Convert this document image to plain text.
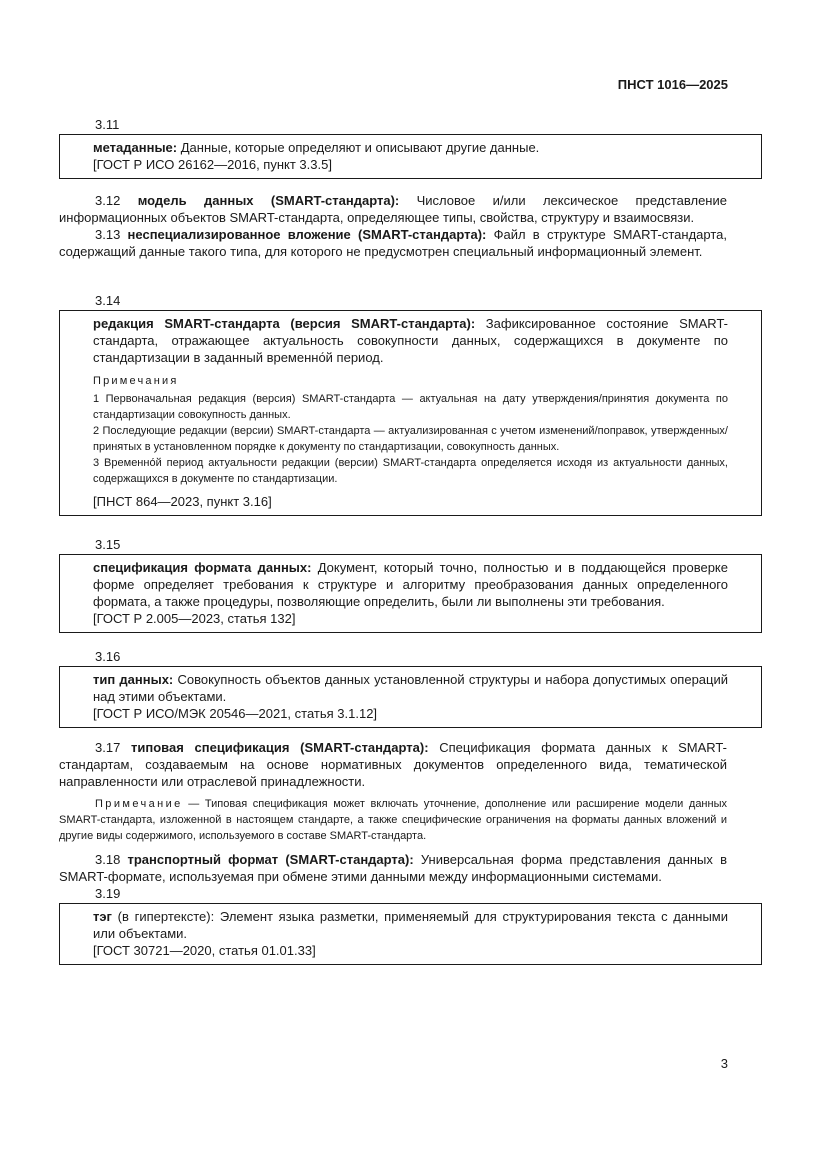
ПНСТ 1016—2025
3.11

метаданные: Данные, которые определяют и описывают другие данные.

[ГОСТ Р ИСО 26162—2016, пункт 3.3.5]

3.12 модель данных (SMART-стандарта): Числовое и/или лексическое представление информационных объектов SMART-стандарта, определяющее типы, свойства, структуру и взаимосвязи.
3.13 неспециализированное вложение (SMART-стандарта): Файл в структуре SMART-стандарта, содержащий данные такого типа, для которого не предусмотрен специальный информационный элемент.
3.14

редакция SMART-стандарта (версия SMART-стандарта): Зафиксированное состояние SMART-стандарта, отражающее актуальность совокупности данных, содержащихся в документе по стандартизации в заданный временно́й период.

Примечания

1 Первоначальная редакция (версия) SMART-стандарта — актуальная на дату утверждения/принятия документа по стандартизации совокупность данных.

2 Последующие редакции (версии) SMART-стандарта — актуализированная с учетом изменений/поправок, утвержденных/принятых в установленном порядке к документу по стандартизации, совокупность данных.

3 Временно́й период актуальности редакции (версии) SMART-стандарта определяется исходя из актуальности данных, содержащихся в документе по стандартизации.

[ПНСТ 864—2023, пункт 3.16]

3.15

спецификация формата данных: Документ, который точно, полностью и в поддающейся проверке форме определяет требования к структуре и алгоритму преобразования данных определенного формата, а также процедуры, позволяющие определить, были ли выполнены эти требования.

[ГОСТ Р 2.005—2023, статья 132]

3.16

тип данных: Совокупность объектов данных установленной структуры и набора допустимых операций над этими объектами.

[ГОСТ Р ИСО/МЭК 20546—2021, статья 3.1.12]

3.17 типовая спецификация (SMART-стандарта): Спецификация формата данных к SMART-стандартам, создаваемым на основе нормативных документов определенного вида, тематической направленности или отраслевой принадлежности.
Примечание — Типовая спецификация может включать уточнение, дополнение или расширение модели данных SMART-стандарта, изложенной в настоящем стандарте, а также специфические ограничения на форматы данных вложений и другие виды содержимого, используемого в составе SMART-стандарта.
3.18 транспортный формат (SMART-стандарта): Универсальная форма представления данных в SMART-формате, используемая при обмене этими данными между информационными системами.
3.19

тэг (в гипертексте): Элемент языка разметки, применяемый для структурирования текста с данными или объектами.

[ГОСТ 30721—2020, статья 01.01.33]

3
